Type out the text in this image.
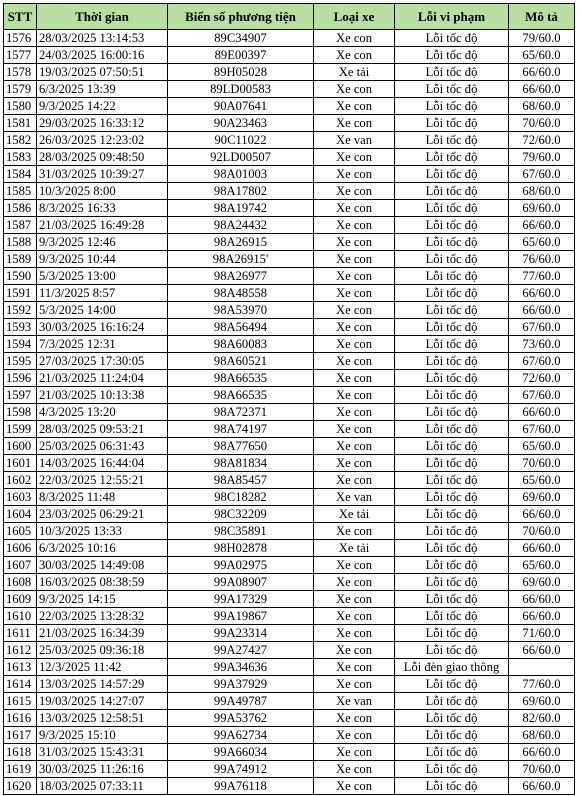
STT	Thời gian	Biển số phương tiện	Loại xe	Lỗi vi phạm	Mô tả
1576	28/03/2025 13:14:53	89C34907	Xe con	Lỗi tốc độ	79/60.0
1577	24/03/2025 16:00:16	89E00397	Xe con	Lỗi tốc độ	65/60.0
1578	19/03/2025 07:50:51	89H05028	Xe tải	Lỗi tốc độ	66/60.0
1579	6/3/2025 13:39	89LD00583	Xe con	Lỗi tốc độ	66/60.0
1580	9/3/2025 14:22	90A07641	Xe con	Lỗi tốc độ	68/60.0
1581	29/03/2025 16:33:12	90A23463	Xe con	Lỗi tốc độ	70/60.0
1582	26/03/2025 12:23:02	90C11022	Xe van	Lỗi tốc độ	72/60.0
1583	28/03/2025 09:48:50	92LD00507	Xe con	Lỗi tốc độ	79/60.0
1584	31/03/2025 10:39:27	98A01003	Xe con	Lỗi tốc độ	67/60.0
1585	10/3/2025 8:00	98A17802	Xe con	Lỗi tốc độ	68/60.0
1586	8/3/2025 16:33	98A19742	Xe con	Lỗi tốc độ	69/60.0
1587	21/03/2025 16:49:28	98A24432	Xe con	Lỗi tốc độ	66/60.0
1588	9/3/2025 12:46	98A26915	Xe con	Lỗi tốc độ	65/60.0
1589	9/3/2025 10:44	98A26915'	Xe con	Lỗi tốc độ	76/60.0
1590	5/3/2025 13:00	98A26977	Xe con	Lỗi tốc độ	77/60.0
1591	11/3/2025 8:57	98A48558	Xe con	Lỗi tốc độ	66/60.0
1592	5/3/2025 14:00	98A53970	Xe con	Lỗi tốc độ	66/60.0
1593	30/03/2025 16:16:24	98A56494	Xe con	Lỗi tốc độ	67/60.0
1594	7/3/2025 12:31	98A60083	Xe con	Lỗi tốc độ	73/60.0
1595	27/03/2025 17:30:05	98A60521	Xe con	Lỗi tốc độ	67/60.0
1596	21/03/2025 11:24:04	98A66535	Xe con	Lỗi tốc độ	72/60.0
1597	21/03/2025 10:13:38	98A66535	Xe con	Lỗi tốc độ	67/60.0
1598	4/3/2025 13:20	98A72371	Xe con	Lỗi tốc độ	66/60.0
1599	28/03/2025 09:53:21	98A74197	Xe con	Lỗi tốc độ	67/60.0
1600	25/03/2025 06:31:43	98A77650	Xe con	Lỗi tốc độ	65/60.0
1601	14/03/2025 16:44:04	98A81834	Xe con	Lỗi tốc độ	70/60.0
1602	22/03/2025 12:55:21	98A85457	Xe con	Lỗi tốc độ	65/60.0
1603	8/3/2025 11:48	98C18282	Xe van	Lỗi tốc độ	69/60.0
1604	23/03/2025 06:29:21	98C32209	Xe tải	Lỗi tốc độ	66/60.0
1605	10/3/2025 13:33	98C35891	Xe con	Lỗi tốc độ	70/60.0
1606	6/3/2025 10:16	98H02878	Xe tải	Lỗi tốc độ	66/60.0
1607	30/03/2025 14:49:08	99A02975	Xe con	Lỗi tốc độ	65/60.0
1608	16/03/2025 08:38:59	99A08907	Xe con	Lỗi tốc độ	69/60.0
1609	9/3/2025 14:15	99A17329	Xe con	Lỗi tốc độ	66/60.0
1610	22/03/2025 13:28:32	99A19867	Xe con	Lỗi tốc độ	66/60.0
1611	21/03/2025 16:34:39	99A23314	Xe con	Lỗi tốc độ	71/60.0
1612	25/03/2025 09:36:18	99A27427	Xe con	Lỗi tốc độ	66/60.0
1613	12/3/2025 11:42	99A34636	Xe con	Lỗi đèn giao thông	
1614	13/03/2025 14:57:29	99A37929	Xe con	Lỗi tốc độ	77/60.0
1615	19/03/2025 14:27:07	99A49787	Xe van	Lỗi tốc độ	69/60.0
1616	13/03/2025 12:58:51	99A53762	Xe con	Lỗi tốc độ	82/60.0
1617	9/3/2025 15:10	99A62734	Xe con	Lỗi tốc độ	68/60.0
1618	31/03/2025 15:43:31	99A66034	Xe con	Lỗi tốc độ	66/60.0
1619	30/03/2025 11:26:16	99A74912	Xe con	Lỗi tốc độ	70/60.0
1620	18/03/2025 07:33:11	99A76118	Xe con	Lỗi tốc độ	66/60.0
